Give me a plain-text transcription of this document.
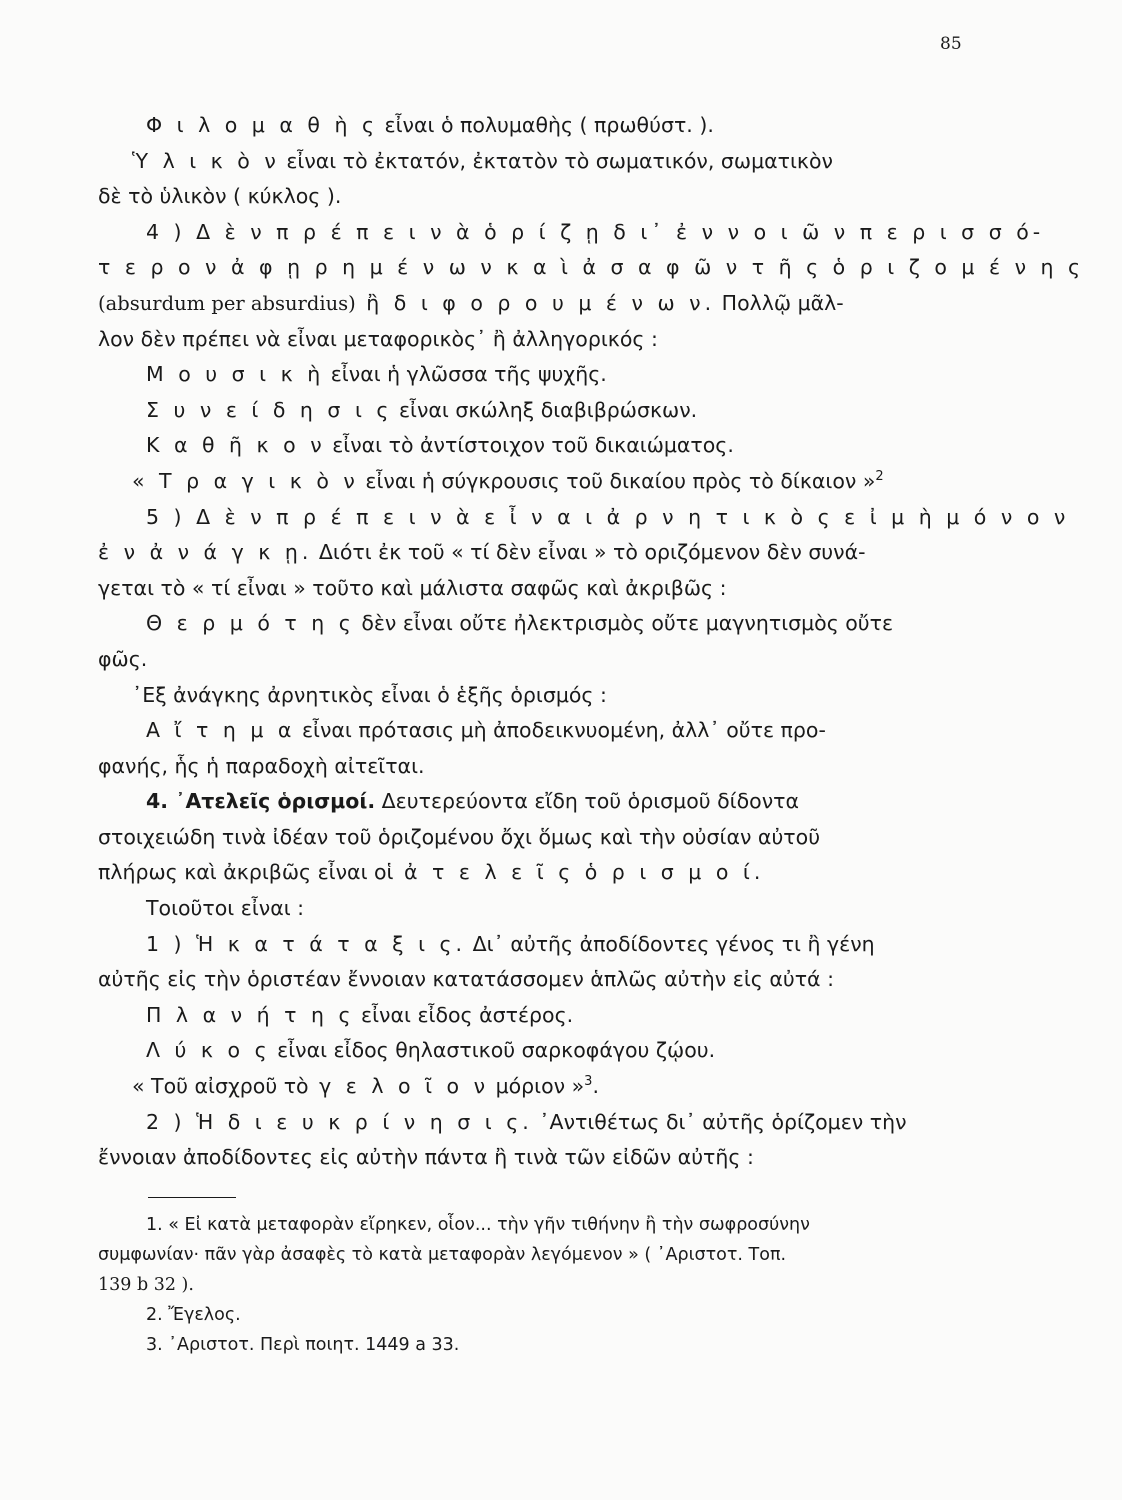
85
Φ ι λ ο μ α θ ὴ ς εἶναι ὁ πολυμαθὴς ( πρωθύστ. ).
Ὑ λ ι κ ὸ ν εἶναι τὸ ἐκτατόν, ἐκτατὸν τὸ σωματικόν, σωματικὸν
δὲ τὸ ὑλικὸν ( κύκλος ).
4 ) Δ ὲ ν π ρ έ π ε ι ν ὰ ὁ ρ ί ζ ῃ δ ι᾽ ἐ ν ν ο ι ῶ ν π ε ρ ι σ σ ό-
τ ε ρ ο ν ἀ φ ῃ ρ η μ έ ν ω ν κ α ὶ ἀ σ α φ ῶ ν τ ῆ ς ὁ ρ ι ζ ο μ έ ν η ς
(absurdum per absurdius) ἢ δ ι φ ο ρ ο υ μ έ ν ω ν. Πολλῷ μᾶλ-
λον δὲν πρέπει νὰ εἶναι μεταφορικὸς᾽ ἢ ἀλληγορικός :
Μ ο υ σ ι κ ὴ εἶναι ἡ γλῶσσα τῆς ψυχῆς.
Σ υ ν ε ί δ η σ ι ς εἶναι σκώληξ διαβιβρώσκων.
Κ α θ ῆ κ ο ν εἶναι τὸ ἀντίστοιχον τοῦ δικαιώματος.
« Τ ρ α γ ι κ ὸ ν εἶναι ἡ σύγκρουσις τοῦ δικαίου πρὸς τὸ δίκαιον »$^2$
5 ) Δ ὲ ν π ρ έ π ε ι ν ὰ ε ἶ ν α ι ἀ ρ ν η τ ι κ ὸ ς ε ἰ μ ὴ μ ό ν ο ν
ἐ ν ἀ ν ά γ κ ῃ. Διότι ἐκ τοῦ « τί δὲν εἶναι » τὸ οριζόμενον δὲν συνά-
γεται τὸ « τί εἶναι » τοῦτο καὶ μάλιστα σαφῶς καὶ ἀκριβῶς :
Θ ε ρ μ ό τ η ς δὲν εἶναι οὔτε ἠλεκτρισμὸς οὔτε μαγνητισμὸς οὔτε
φῶς.
᾽Εξ ἀνάγκης ἀρνητικὸς εἶναι ὁ ἑξῆς ὁρισμός :
Α ἴ τ η μ α εἶναι πρότασις μὴ ἀποδεικνυομένη, ἀλλ᾽ οὔτε προ-
φανής, ἧς ἡ παραδοχὴ αἰτεῖται.
4. ᾽Ατελεῖς ὁρισμοί. Δευτερεύοντα εἴδη τοῦ ὁρισμοῦ δίδοντα
στοιχειώδη τινὰ ἰδέαν τοῦ ὁριζομένου ὄχι ὅμως καὶ τὴν οὐσίαν αὐτοῦ
πλήρως καὶ ἀκριβῶς εἶναι οἱ ἀ τ ε λ ε ῖ ς ὁ ρ ι σ μ ο ί.
Τοιοῦτοι εἶναι :
1 ) Ἡ κ α τ ά τ α ξ ι ς. Δι᾽ αὐτῆς ἀποδίδοντες γένος τι ἢ γένη
αὐτῆς εἰς τὴν ὁριστέαν ἔννοιαν κατατάσσομεν ἁπλῶς αὐτὴν εἰς αὐτά :
Π λ α ν ή τ η ς εἶναι εἶδος ἀστέρος.
Λ ύ κ ο ς εἶναι εἶδος θηλαστικοῦ σαρκοφάγου ζῴου.
« Τοῦ αἰσχροῦ τὸ γ ε λ ο ῖ ο ν μόριον »$^3$.
2 ) Ἡ δ ι ε υ κ ρ ί ν η σ ι ς. ᾽Αντιθέτως δι᾽ αὐτῆς ὁρίζομεν τὴν
ἔννοιαν ἀποδίδοντες εἰς αὐτὴν πάντα ἢ τινὰ τῶν εἰδῶν αὐτῆς :
1. « Εἰ κατὰ μεταφορὰν εἴρηκεν, οἷον... τὴν γῆν τιθήνην ἢ τὴν σωφροσύνην
συμφωνίαν· πᾶν γὰρ ἀσαφὲς τὸ κατὰ μεταφορὰν λεγόμενον » ( ᾽Αριστοτ. Τοπ.
139 b 32 ).
2. Ἔγελος.
3. ᾽Αριστοτ. Περὶ ποιητ. 1449 a 33.
